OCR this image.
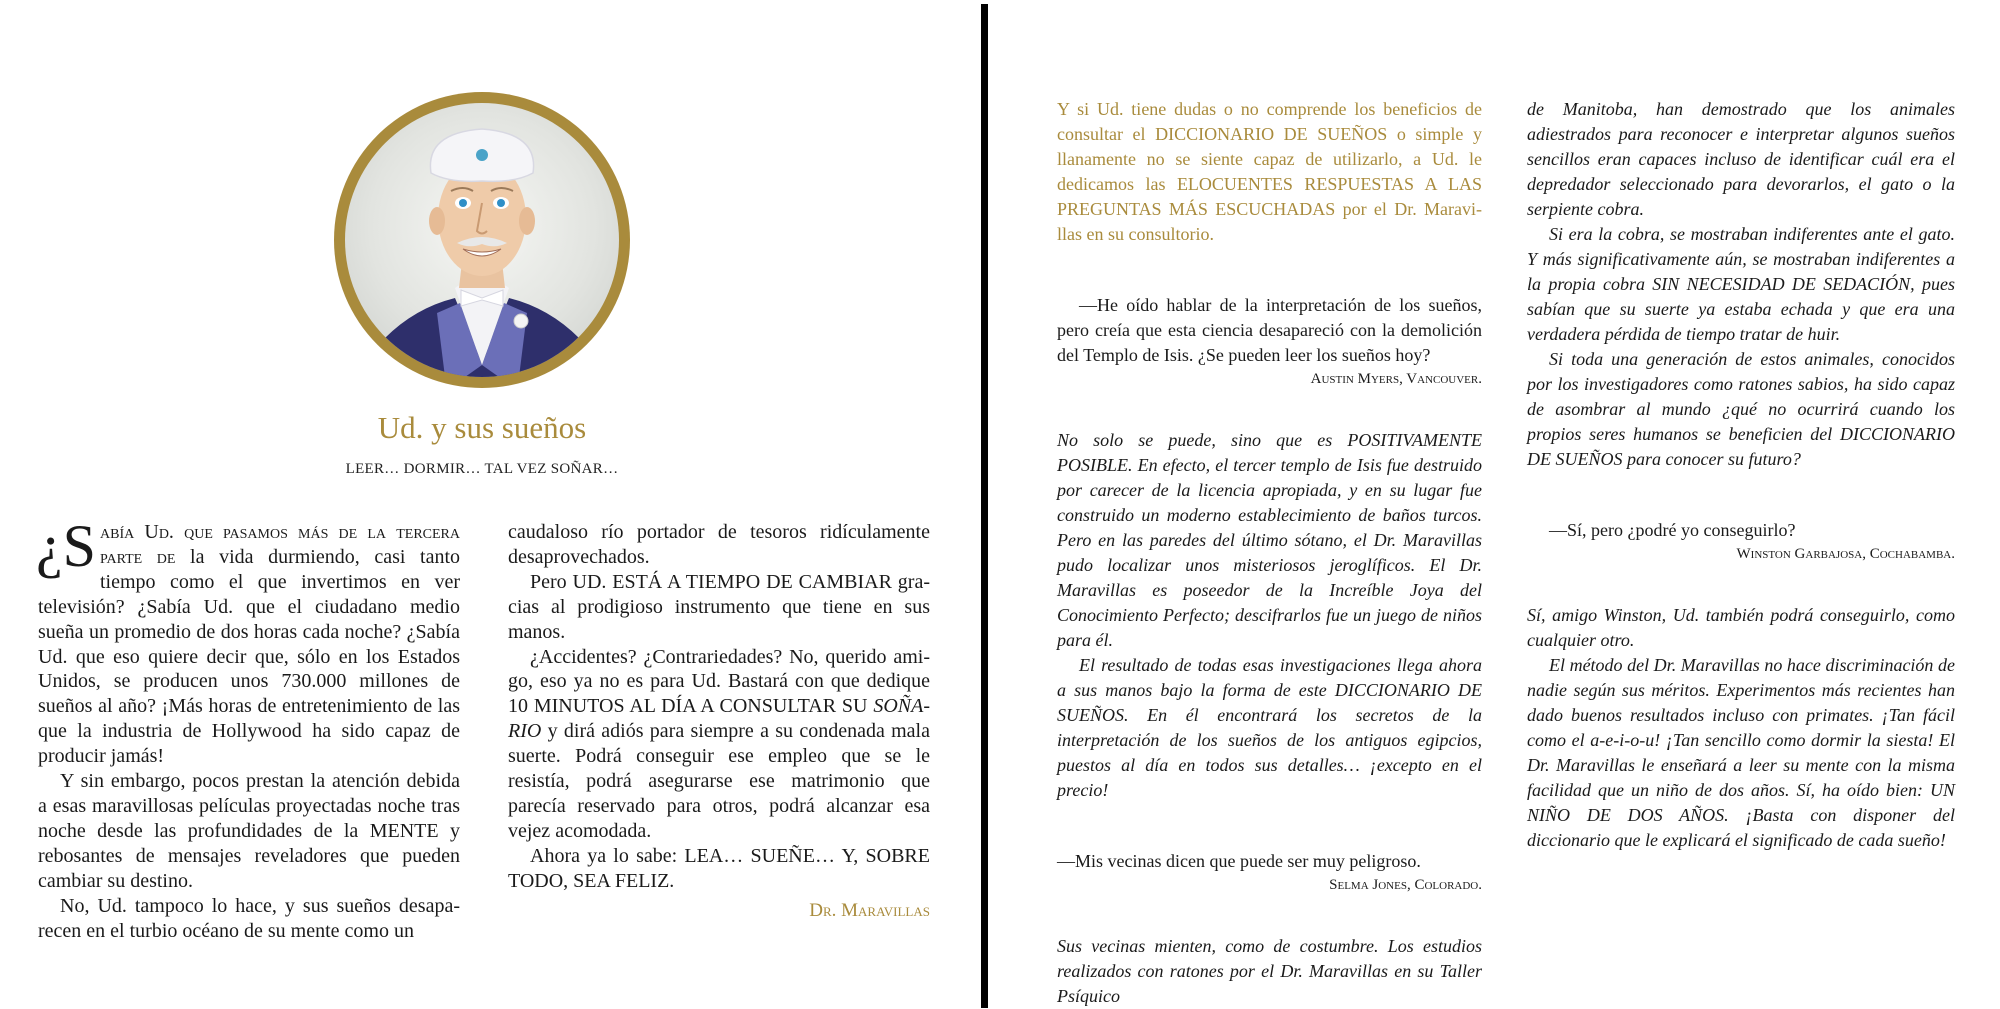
Ud. y sus sueños
LEER… DORMIR… TAL VEZ SOÑAR…

¿S abía Ud. que pasamos más de la tercera parte de la vida durmiendo, casi tanto tiempo como el que invertimos en ver televisión? ¿Sabía Ud. que el ciudadano medio sueña un promedio de dos horas cada noche? ¿Sabía Ud. que eso quiere decir que, sólo en los Estados Unidos, se producen unos 730.000 millones de sueños al año? ¡Más horas de entretenimiento de las que la industria de Hollywood ha sido capaz de producir jamás!

Y sin embargo, pocos prestan la atención debida a esas maravillosas películas proyectadas noche tras noche desde las profundidades de la MENTE y rebosantes de mensajes reveladores que pueden cambiar su destino.

No, Ud. tampoco lo hace, y sus sueños desaparecen en el turbio océano de su mente como un

caudaloso río portador de tesoros ridículamente desaprovechados.

Pero UD. ESTÁ A TIEMPO DE CAMBIAR gracias al prodigioso instrumento que tiene en sus manos.

¿Accidentes? ¿Contrariedades? No, querido amigo, eso ya no es para Ud. Bastará con que dedique 10 MINUTOS AL DÍA A CONSULTAR SU SOÑARIO y dirá adiós para siempre a su condenada mala suerte. Podrá conseguir ese empleo que se le resistía, podrá asegurarse ese matrimonio que parecía reservado para otros, podrá alcanzar esa vejez acomodada.

Ahora ya lo sabe: LEA… SUEÑE… Y, SOBRE TODO, SEA FELIZ.

Dr. Maravillas

Y si Ud. tiene dudas o no comprende los beneficios de consultar el DICCIONARIO DE SUEÑOS o simple y llanamente no se siente capaz de utilizarlo, a Ud. le dedicamos las ELOCUENTES RESPUESTAS A LAS PREGUNTAS MÁS ESCUCHADAS por el Dr. Maravillas en su consultorio.

—He oído hablar de la interpretación de los sueños, pero creía que esta ciencia desapareció con la demolición del Templo de Isis. ¿Se pueden leer los sueños hoy?

Austin Myers, Vancouver.

No solo se puede, sino que es POSITIVAMENTE POSIBLE. En efecto, el tercer templo de Isis fue destruido por carecer de la licencia apropiada, y en su lugar fue construido un moderno establecimiento de baños turcos. Pero en las paredes del último sótano, el Dr. Maravillas pudo localizar unos misteriosos jeroglíficos. El Dr. Maravillas es poseedor de la Increíble Joya del Conocimiento Perfecto; descifrarlos fue un juego de niños para él.

El resultado de todas esas investigaciones llega ahora a sus manos bajo la forma de este DICCIONARIO DE SUEÑOS. En él encontrará los secretos de la interpretación de los sueños de los antiguos egipcios, puestos al día en todos sus detalles… ¡excepto en el precio!

—Mis vecinas dicen que puede ser muy peligroso.

Selma Jones, Colorado.

Sus vecinas mienten, como de costumbre. Los estudios realizados con ratones por el Dr. Maravillas en su Taller Psíquico

de Manitoba, han demostrado que los animales adiestrados para reconocer e interpretar algunos sueños sencillos eran capaces incluso de identificar cuál era el depredador seleccionado para devorarlos, el gato o la serpiente cobra.

Si era la cobra, se mostraban indiferentes ante el gato. Y más significativamente aún, se mostraban indiferentes a la propia cobra SIN NECESIDAD DE SEDACIÓN, pues sabían que su suerte ya estaba echada y que era una verdadera pérdida de tiempo tratar de huir.

Si toda una generación de estos animales, conocidos por los investigadores como ratones sabios, ha sido capaz de asombrar al mundo ¿qué no ocurrirá cuando los propios seres humanos se beneficien del DICCIONARIO DE SUEÑOS para conocer su futuro?

—Sí, pero ¿podré yo conseguirlo?

Winston Garbajosa, Cochabamba.

Sí, amigo Winston, Ud. también podrá conseguirlo, como cualquier otro.

El método del Dr. Maravillas no hace discriminación de nadie según sus méritos. Experimentos más recientes han dado buenos resultados incluso con primates. ¡Tan fácil como el a-e-i-o-u! ¡Tan sencillo como dormir la siesta! El Dr. Maravillas le enseñará a leer su mente con la misma facilidad que un niño de dos años. Sí, ha oído bien: UN NIÑO DE DOS AÑOS. ¡Basta con disponer del diccionario que le explicará el significado de cada sueño!
